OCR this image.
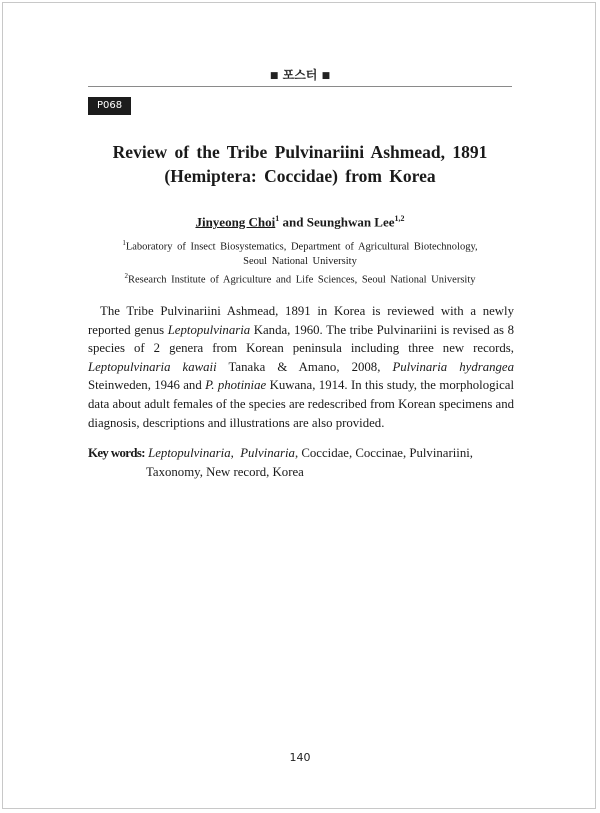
■ 포스터 ■
P068
Review of the Tribe Pulvinariini Ashmead, 1891
(Hemiptera: Coccidae) from Korea
Jinyeong Choi$^1$ and Seunghwan Lee$^{1,2}$
$^1$Laboratory of Insect Biosystematics, Department of Agricultural Biotechnology,
Seoul National University
$^2$Research Institute of Agriculture and Life Sciences, Seoul National University

The Tribe Pulvinariini Ashmead, 1891 in Korea is reviewed with a newly reported genus Leptopulvinaria Kanda, 1960. The tribe Pulvinariini is revised as 8 species of 2 genera from Korean peninsula including three new records, Leptopulvinaria kawaii Tanaka & Amano, 2008, Pulvinaria hydrangea Steinweden, 1946 and P. photiniae Kuwana, 1914. In this study, the morphological data about adult females of the species are redescribed from Korean specimens and diagnosis, descriptions and illustrations are also provided.

Key words: Leptopulvinaria, Pulvinaria, Coccidae, Coccinae, Pulvinariini, Taxonomy, New record, Korea
140
